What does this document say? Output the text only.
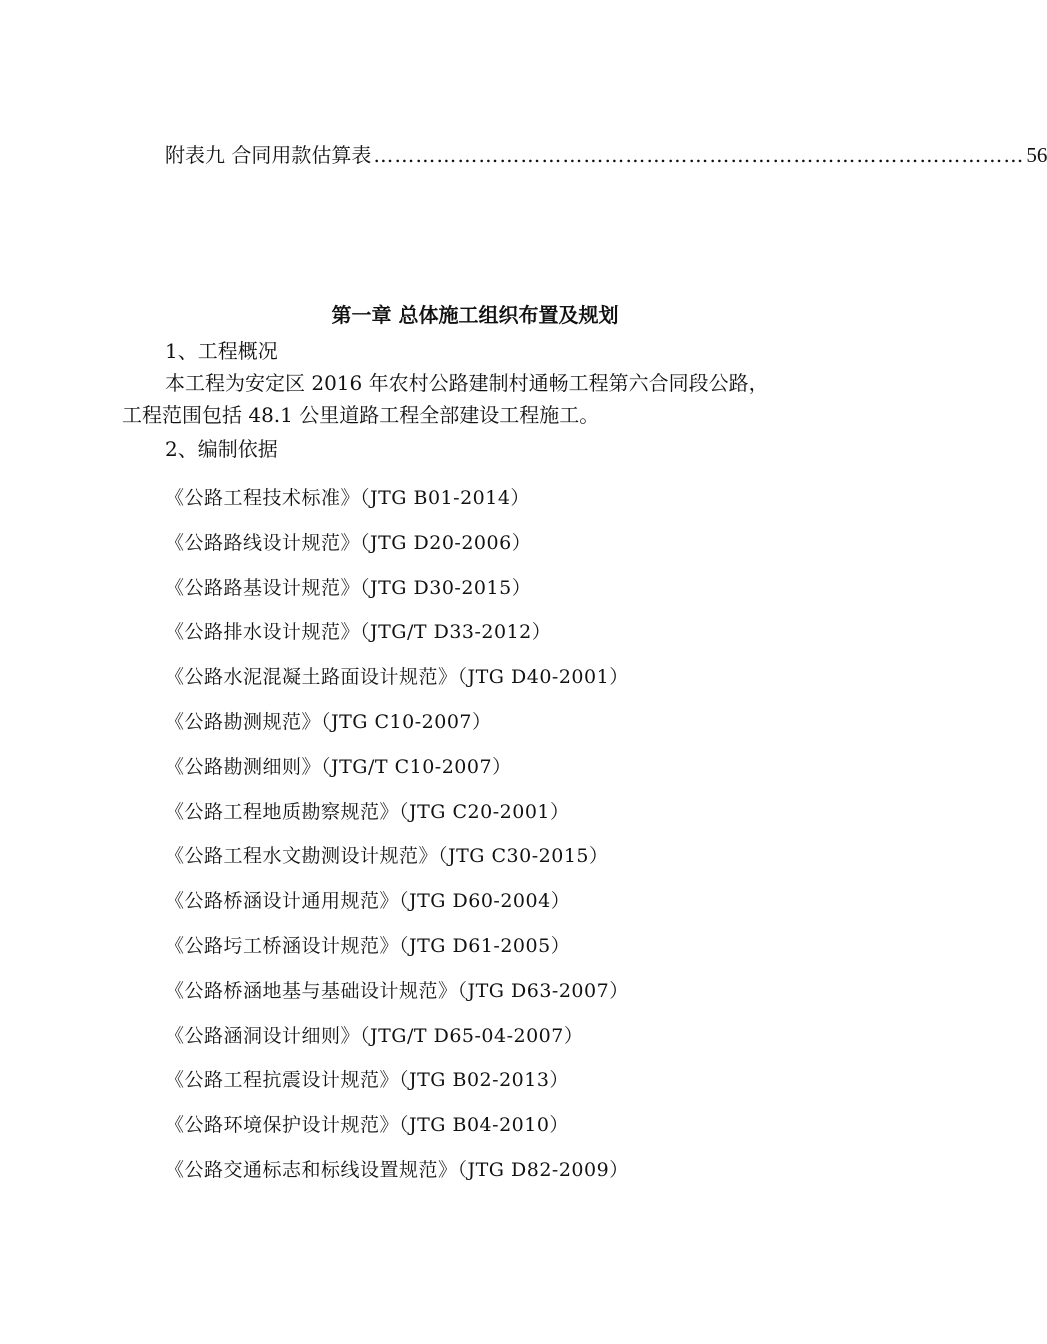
附表九 合同用款估算表 ………………………………………………………………………………… 56
第一章 总体施工组织布置及规划
1、工程概况
本工程为安定区 2016 年农村公路建制村通畅工程第六合同段公路，
工程范围包括 48.1 公里道路工程全部建设工程施工。
2、编制依据
《公路工程技术标准》（JTG B01-2014）
《公路路线设计规范》（JTG D20-2006）
《公路路基设计规范》（JTG D30-2015）
《公路排水设计规范》（JTG/T D33-2012）
《公路水泥混凝土路面设计规范》（JTG D40-2001）
《公路勘测规范》（JTG C10-2007）
《公路勘测细则》（JTG/T C10-2007）
《公路工程地质勘察规范》（JTG C20-2001）
《公路工程水文勘测设计规范》（JTG C30-2015）
《公路桥涵设计通用规范》（JTG D60-2004）
《公路圬工桥涵设计规范》（JTG D61-2005）
《公路桥涵地基与基础设计规范》（JTG D63-2007）
《公路涵洞设计细则》（JTG/T D65-04-2007）
《公路工程抗震设计规范》（JTG B02-2013）
《公路环境保护设计规范》（JTG B04-2010）
《公路交通标志和标线设置规范》（JTG D82-2009）
